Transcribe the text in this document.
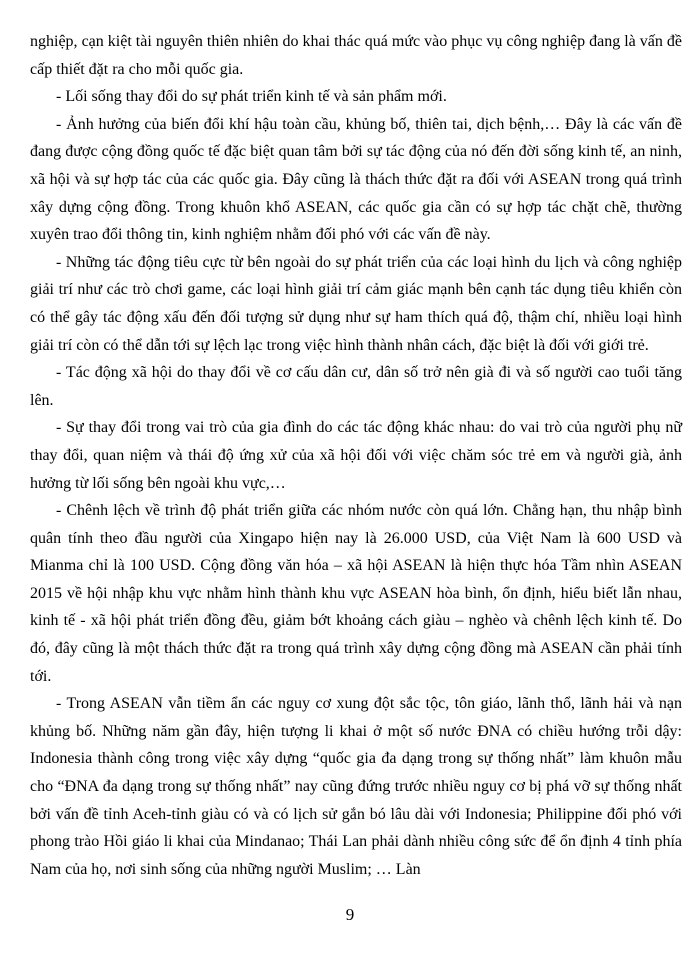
nghiệp, cạn kiệt tài nguyên thiên nhiên do khai thác quá mức vào phục vụ công nghiệp đang là vấn đề cấp thiết đặt ra cho mỗi quốc gia.

- Lối sống thay đổi do sự phát triển kinh tế và sản phẩm mới.

- Ảnh hưởng của biến đổi khí hậu toàn cầu, khủng bố, thiên tai, dịch bệnh,… Đây là các vấn đề đang được cộng đồng quốc tế đặc biệt quan tâm bởi sự tác động của nó đến đời sống kinh tế, an ninh, xã hội và sự hợp tác của các quốc gia. Đây cũng là thách thức đặt ra đối với ASEAN trong quá trình xây dựng cộng đồng. Trong khuôn khổ ASEAN, các quốc gia cần có sự hợp tác chặt chẽ, thường xuyên trao đổi thông tin, kinh nghiệm nhằm đối phó với các vấn đề này.

- Những tác động tiêu cực từ bên ngoài do sự phát triển của các loại hình du lịch và công nghiệp giải trí như các trò chơi game, các loại hình giải trí cảm giác mạnh bên cạnh tác dụng tiêu khiển còn có thể gây tác động xấu đến đối tượng sử dụng như sự ham thích quá độ, thậm chí, nhiều loại hình giải trí còn có thể dẫn tới sự lệch lạc trong việc hình thành nhân cách, đặc biệt là đối với giới trẻ.

- Tác động xã hội do thay đổi về cơ cấu dân cư, dân số trở nên già đi và số người cao tuổi tăng lên.

- Sự thay đổi trong vai trò của gia đình do các tác động khác nhau: do vai trò của người phụ nữ thay đổi, quan niệm và thái độ ứng xử của xã hội đối với việc chăm sóc trẻ em và người già, ảnh hưởng từ lối sống bên ngoài khu vực,…

- Chênh lệch về trình độ phát triển giữa các nhóm nước còn quá lớn. Chẳng hạn, thu nhập bình quân tính theo đầu người của Xingapo hiện nay là 26.000 USD, của Việt Nam là 600 USD và Mianma chỉ là 100 USD. Cộng đồng văn hóa – xã hội ASEAN là hiện thực hóa Tầm nhìn ASEAN 2015 về hội nhập khu vực nhằm hình thành khu vực ASEAN hòa bình, ổn định, hiểu biết lẫn nhau, kinh tế - xã hội phát triển đồng đều, giảm bớt khoảng cách giàu – nghèo và chênh lệch kinh tế. Do đó, đây cũng là một thách thức đặt ra trong quá trình xây dựng cộng đồng mà ASEAN cần phải tính tới.

- Trong ASEAN vẫn tiềm ẩn các nguy cơ xung đột sắc tộc, tôn giáo, lãnh thổ, lãnh hải và nạn khủng bố. Những năm gần đây, hiện tượng li khai ở một số nước ĐNA có chiều hướng trỗi dậy: Indonesia thành công trong việc xây dựng “quốc gia đa dạng trong sự thống nhất” làm khuôn mẫu cho “ĐNA đa dạng trong sự thống nhất” nay cũng đứng trước nhiều nguy cơ bị phá vỡ sự thống nhất bởi vấn đề tỉnh Aceh-tỉnh giàu có và có lịch sử gắn bó lâu dài với Indonesia; Philippine đối phó với phong trào Hồi giáo li khai của Mindanao; Thái Lan phải dành nhiều công sức để ổn định 4 tỉnh phía Nam của họ, nơi sinh sống của những người Muslim; … Làn

9
